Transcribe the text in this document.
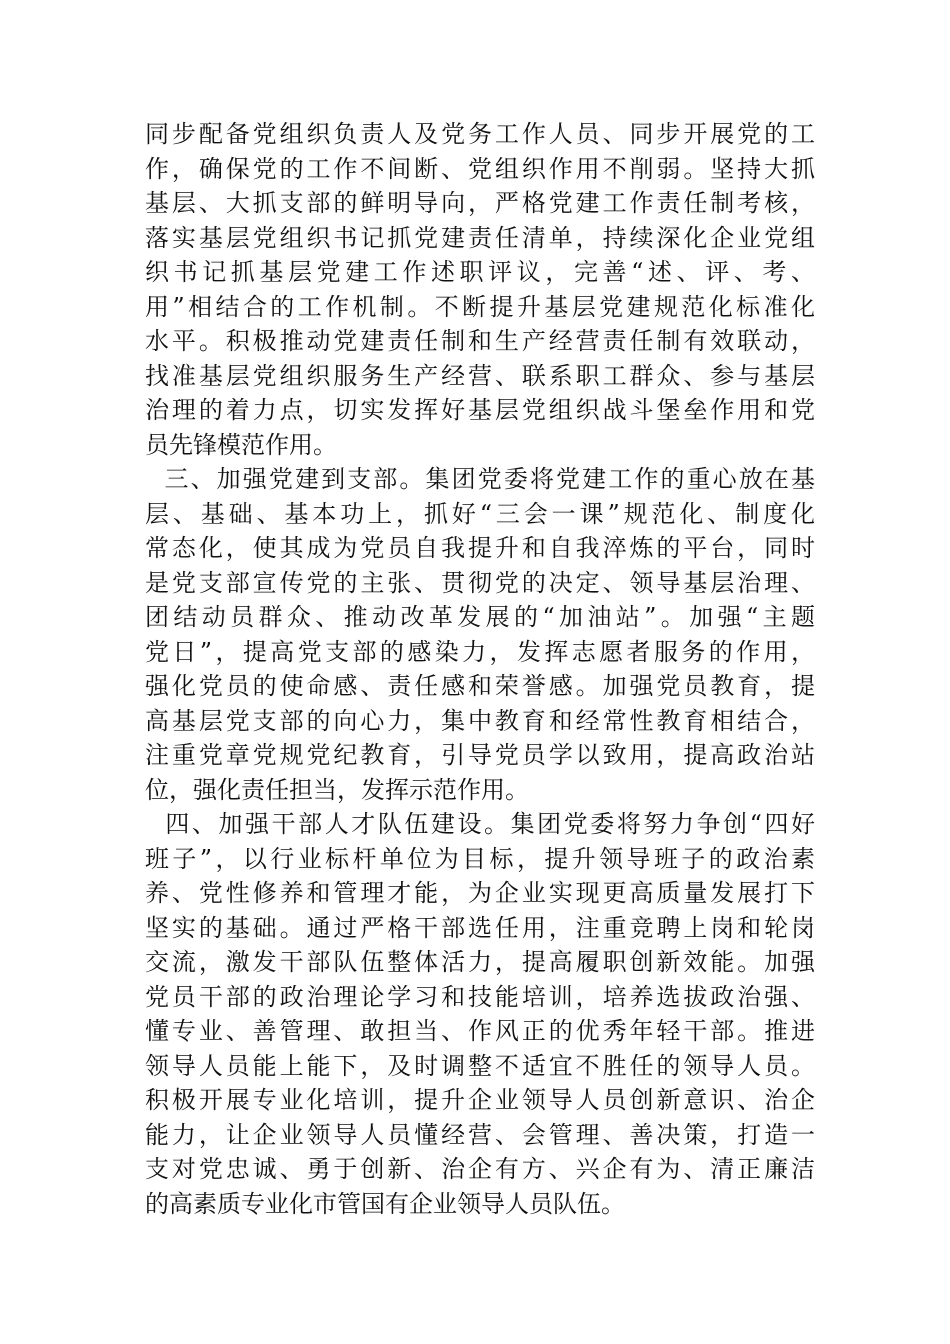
同步配备党组织负责人及党务工作人员、同步开展党的工
作，确保党的工作不间断、党组织作用不削弱。坚持大抓
基层、大抓支部的鲜明导向，严格党建工作责任制考核，
落实基层党组织书记抓党建责任清单，持续深化企业党组
织书记抓基层党建工作述职评议，完善“述、评、考、
用”相结合的工作机制。不断提升基层党建规范化标准化
水平。积极推动党建责任制和生产经营责任制有效联动，
找准基层党组织服务生产经营、联系职工群众、参与基层
治理的着力点，切实发挥好基层党组织战斗堡垒作用和党
员先锋模范作用。
三、加强党建到支部。集团党委将党建工作的重心放在基
层、基础、基本功上，抓好“三会一课”规范化、制度化
常态化，使其成为党员自我提升和自我淬炼的平台，同时
是党支部宣传党的主张、贯彻党的决定、领导基层治理、
团结动员群众、推动改革发展的“加油站”。加强“主题
党日”，提高党支部的感染力，发挥志愿者服务的作用，
强化党员的使命感、责任感和荣誉感。加强党员教育，提
高基层党支部的向心力，集中教育和经常性教育相结合，
注重党章党规党纪教育，引导党员学以致用，提高政治站
位，强化责任担当，发挥示范作用。
四、加强干部人才队伍建设。集团党委将努力争创“四好
班子”，以行业标杆单位为目标，提升领导班子的政治素
养、党性修养和管理才能，为企业实现更高质量发展打下
坚实的基础。通过严格干部选任用，注重竞聘上岗和轮岗
交流，激发干部队伍整体活力，提高履职创新效能。加强
党员干部的政治理论学习和技能培训，培养选拔政治强、
懂专业、善管理、敢担当、作风正的优秀年轻干部。推进
领导人员能上能下，及时调整不适宜不胜任的领导人员。
积极开展专业化培训，提升企业领导人员创新意识、治企
能力，让企业领导人员懂经营、会管理、善决策，打造一
支对党忠诚、勇于创新、治企有方、兴企有为、清正廉洁
的高素质专业化市管国有企业领导人员队伍。
